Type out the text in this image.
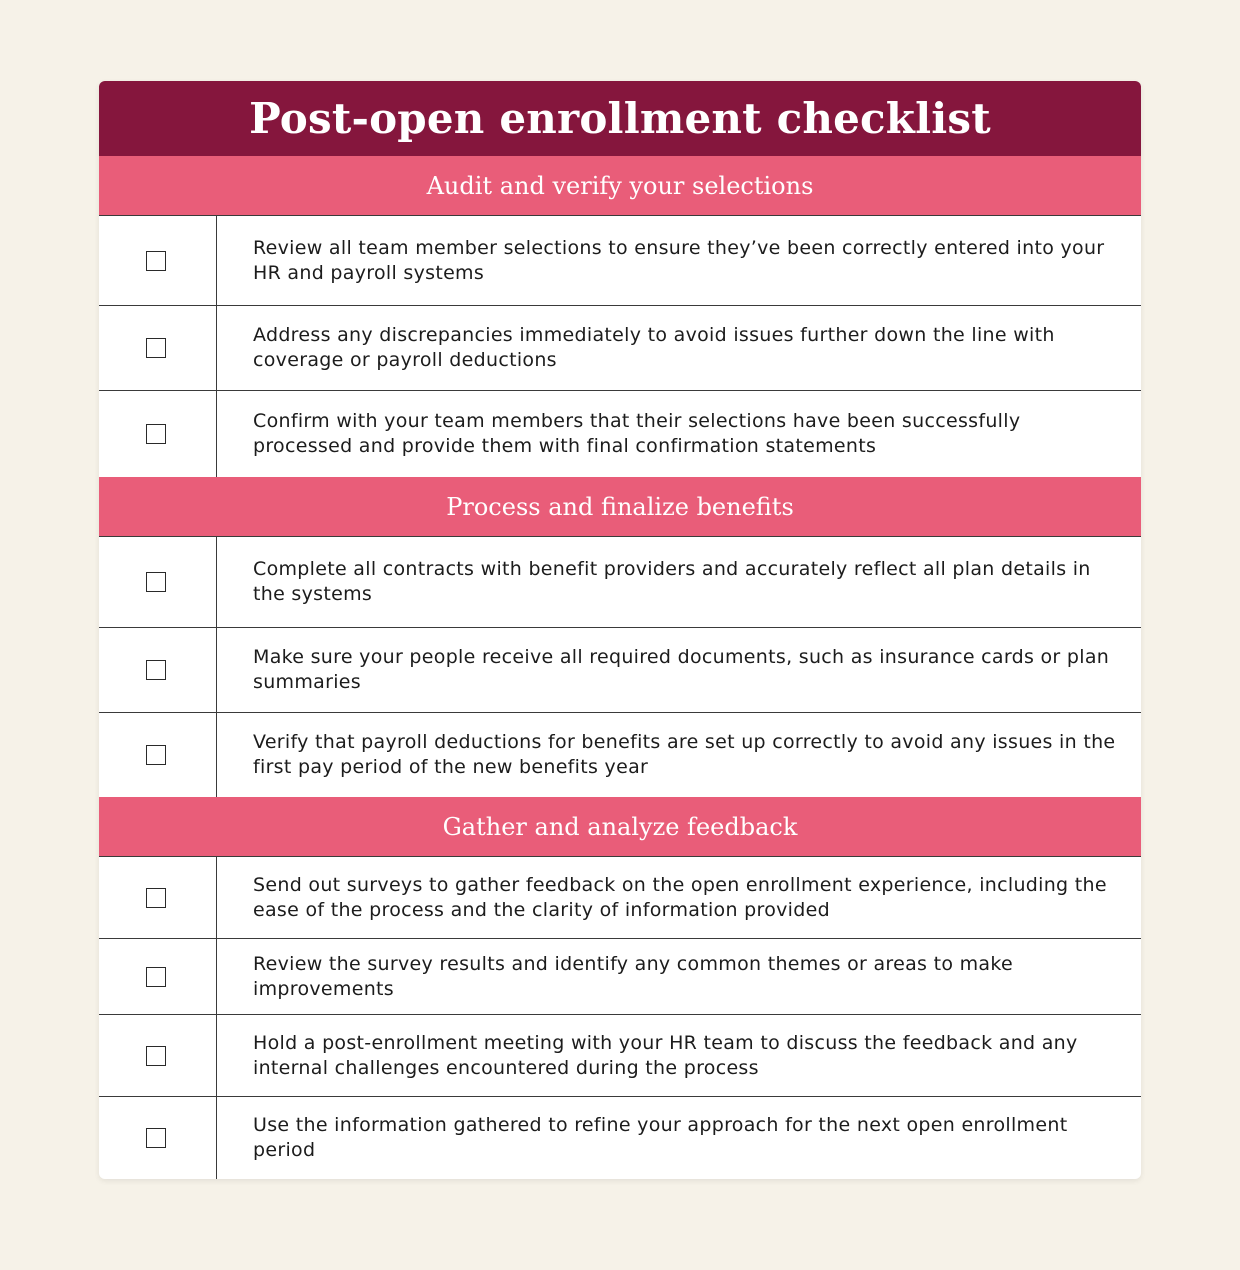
Post-open enrollment checklist
Audit and verify your selections
Review all team member selections to ensure they’ve been correctly entered into your HR and payroll systems
Address any discrepancies immediately to avoid issues further down the line with coverage or payroll deductions
Confirm with your team members that their selections have been successfully processed and provide them with final confirmation statements
Process and finalize benefits
Complete all contracts with benefit providers and accurately reflect all plan details in the systems
Make sure your people receive all required documents, such as insurance cards or plan summaries
Verify that payroll deductions for benefits are set up correctly to avoid any issues in the first pay period of the new benefits year
Gather and analyze feedback
Send out surveys to gather feedback on the open enrollment experience, including the ease of the process and the clarity of information provided
Review the survey results and identify any common themes or areas to make improvements
Hold a post-enrollment meeting with your HR team to discuss the feedback and any internal challenges encountered during the process
Use the information gathered to refine your approach for the next open enrollment period
